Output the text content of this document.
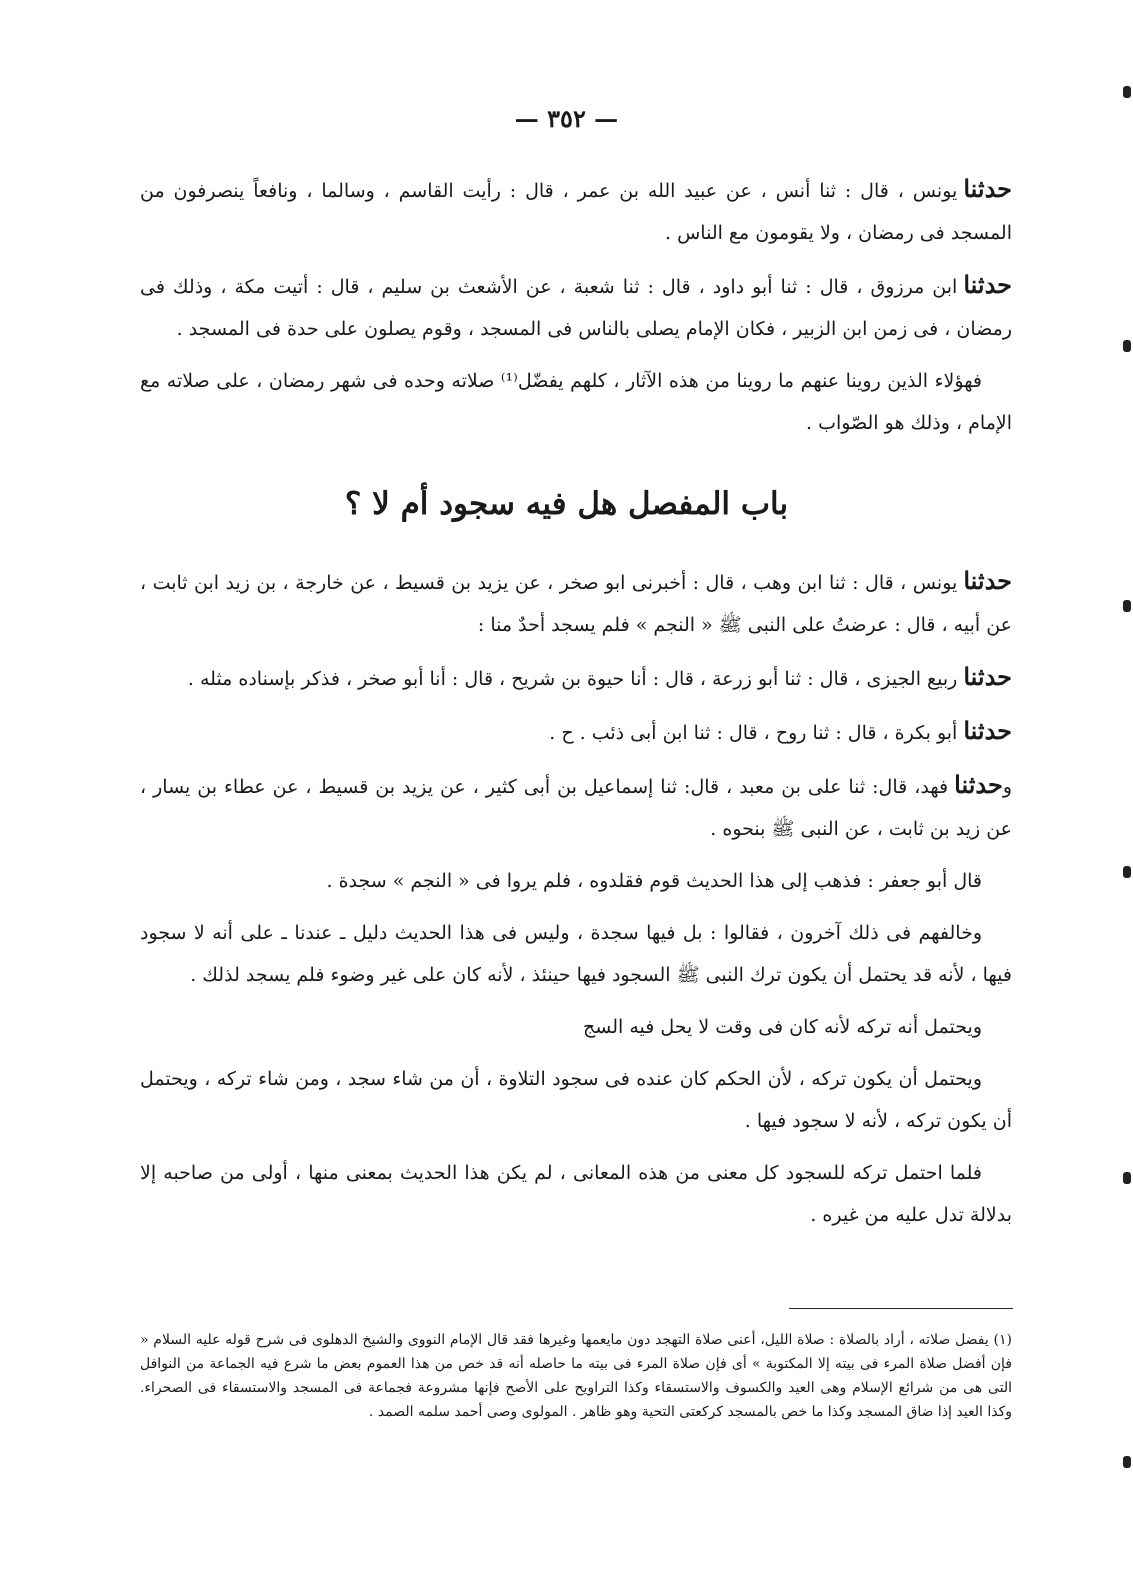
— ٣٥٢ —

حدثنايونس ، قال : ثنا أنس ، عن عبيد الله بن عمر ، قال : رأيت القاسم ، وسالما ، ونافعاً ينصرفون من المسجد فى رمضان ، ولا يقومون مع الناس .

حدثناابن مرزوق ، قال : ثنا أبو داود ، قال : ثنا شعبة ، عن الأشعث بن سليم ، قال : أتيت مكة ، وذلك فى رمضان ، فى زمن ابن الزبير ، فكان الإمام يصلى بالناس فى المسجد ، وقوم يصلون على حدة فى المسجد .

فهؤلاء الذين روينا عنهم ما روينا من هذه الآثار ، كلهم يفضّل⁽¹⁾ صلاته وحده فى شهر رمضان ، على صلاته مع الإمام ، وذلك هو الصّواب .

باب المفصل هل فيه سجود أم لا ؟

حدثنايونس ، قال : ثنا ابن وهب ، قال : أخبرنى ابو صخر ، عن يزيد بن قسيط ، عن خارجة ، بن زيد ابن ثابت ، عن أبيه ، قال : عرضتُ على النبى ﷺ « النجم » فلم يسجد أحدٌ منا :

حدثناربيع الجيزى ، قال : ثنا أبو زرعة ، قال : أنا حيوة بن شريح ، قال : أنا أبو صخر ، فذكر بإسناده مثله .

حدثناأبو بكرة ، قال : ثنا روح ، قال : ثنا ابن أبى ذئب . ح .

وحدثنافهد، قال: ثنا على بن معبد ، قال: ثنا إسماعيل بن أبى كثير ، عن يزيد بن قسيط ، عن عطاء بن يسار ، عن زيد بن ثابت ، عن النبى ﷺ بنحوه .

قال أبو جعفر : فذهب إلى هذا الحديث قوم فقلدوه ، فلم يروا فى « النجم » سجدة .

وخالفهم فى ذلك آخرون ، فقالوا : بل فيها سجدة ، وليس فى هذا الحديث دليل ـ عندنا ـ على أنه لا سجود فيها ، لأنه قد يحتمل أن يكون ترك النبى ﷺ السجود فيها حينئذ ، لأنه كان على غير وضوء فلم يسجد لذلك .

ويحتمل أنه تركه لأنه كان فى وقت لا يحل فيه السج

ويحتمل أن يكون تركه ، لأن الحكم كان عنده فى سجود التلاوة ، أن من شاء سجد ، ومن شاء تركه ، ويحتمل أن يكون تركه ، لأنه لا سجود فيها .

فلما احتمل تركه للسجود كل معنى من هذه المعانى ، لم يكن هذا الحديث بمعنى منها ، أولى من صاحبه إلا بدلالة تدل عليه من غيره .

(١) يفضل صلاته ، أراد بالصلاة : صلاة الليل، أعنى صلاة التهجد دون مايعمها وغيرها فقد قال الإمام النووى والشيخ الدهلوى فى شرح قوله عليه السلام « فإن أفضل صلاة المرء فى بيته إلا المكتوبة » أى فإن صلاة المرء فى بيته ما حاصله أنه قد خص من هذا العموم بعض ما شرع فيه الجماعة من النوافل التى هى من شرائع الإسلام وهى العيد والكسوف والاستسقاء وكذا التراويح على الأصح فإنها مشروعة فجماعة فى المسجد والاستسقاء فى الصحراء. وكذا العيد إذا ضاق المسجد وكذا ما خص بالمسجد كركعتى التحية وهو ظاهر . المولوى وصى أحمد سلمه الصمد .
